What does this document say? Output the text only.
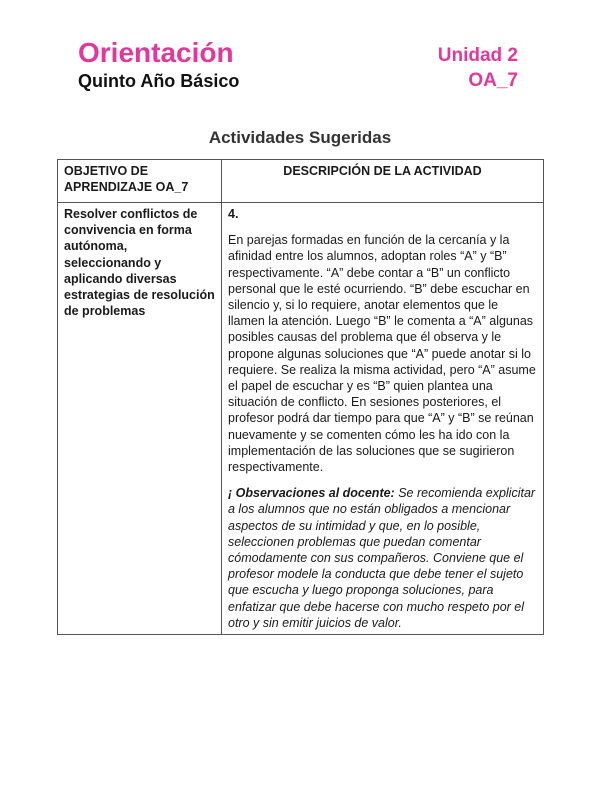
Orientación
Quinto Año Básico
Unidad 2
OA_7
Actividades Sugeridas
OBJETIVO DE APRENDIZAJE OA_7	DESCRIPCIÓN DE LA ACTIVIDAD
Resolver conflictos de convivencia en forma autónoma, seleccionando y aplicando diversas estrategias de resolución de problemas	4.

En parejas formadas en función de la cercanía y la afinidad entre los alumnos, adoptan roles “A” y “B” respectivamente. “A” debe contar a “B” un conflicto personal que le esté ocurriendo. “B” debe escuchar en silencio y, si lo requiere, anotar elementos que le llamen la atención. Luego “B” le comenta a “A” algunas posibles causas del problema que él observa y le propone algunas soluciones que “A” puede anotar si lo requiere. Se realiza la misma actividad, pero “A” asume el papel de escuchar y es “B” quien plantea una situación de conflicto. En sesiones posteriores, el profesor podrá dar tiempo para que “A” y “B” se reúnan nuevamente y se comenten cómo les ha ido con la implementación de las soluciones que se sugirieron respectivamente.

¡ Observaciones al docente: Se recomienda explicitar a los alumnos que no están obligados a mencionar aspectos de su intimidad y que, en lo posible, seleccionen problemas que puedan comentar cómodamente con sus compañeros. Conviene que el profesor modele la conducta que debe tener el sujeto que escucha y luego proponga soluciones, para enfatizar que debe hacerse con mucho respeto por el otro y sin emitir juicios de valor.
